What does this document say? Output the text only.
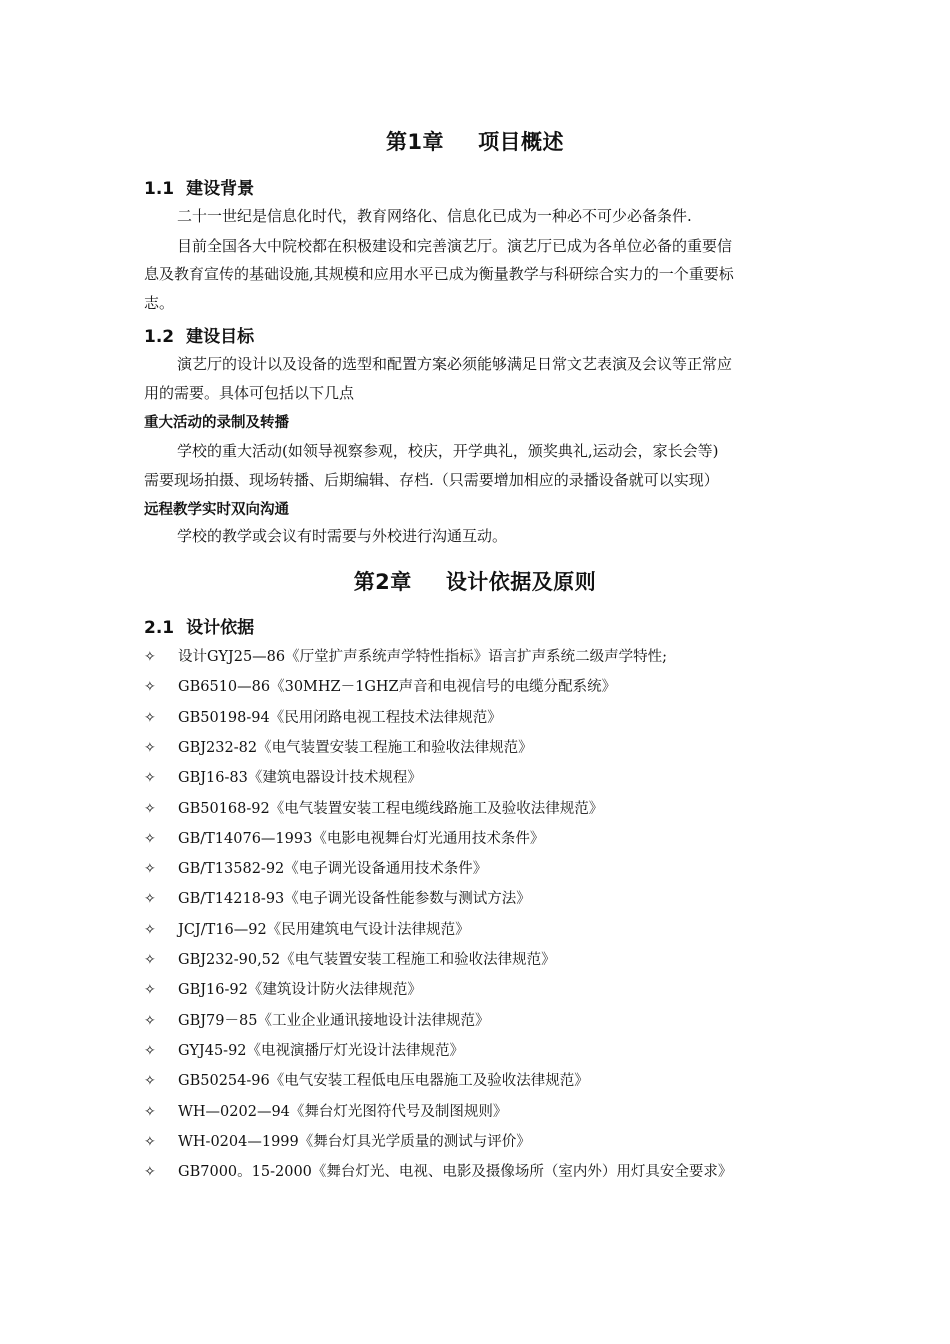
第1章 项目概述
1.1 建设背景
二十一世纪是信息化时代，教育网络化、信息化已成为一种必不可少必备条件.
目前全国各大中院校都在积极建设和完善演艺厅。演艺厅已成为各单位必备的重要信
息及教育宣传的基础设施,其规模和应用水平已成为衡量教学与科研综合实力的一个重要标
志。
1.2 建设目标
演艺厅的设计以及设备的选型和配置方案必须能够满足日常文艺表演及会议等正常应
用的需要。具体可包括以下几点
重大活动的录制及转播
学校的重大活动(如领导视察参观，校庆，开学典礼，颁奖典礼,运动会，家长会等)
需要现场拍摄、现场转播、后期编辑、存档.（只需要增加相应的录播设备就可以实现）
远程教学实时双向沟通
学校的教学或会议有时需要与外校进行沟通互动。
第2章 设计依据及原则
2.1 设计依据
✧ 设计GYJ25—86《厅堂扩声系统声学特性指标》语言扩声系统二级声学特性;
✧ GB6510—86《30MHZ－1GHZ声音和电视信号的电缆分配系统》
✧ GB50198-94《民用闭路电视工程技术法律规范》
✧ GBJ232-82《电气装置安装工程施工和验收法律规范》
✧ GBJ16-83《建筑电器设计技术规程》
✧ GB50168-92《电气装置安装工程电缆线路施工及验收法律规范》
✧ GB/T14076—1993《电影电视舞台灯光通用技术条件》
✧ GB/T13582-92《电子调光设备通用技术条件》
✧ GB/T14218-93《电子调光设备性能参数与测试方法》
✧ JCJ/T16—92《民用建筑电气设计法律规范》
✧ GBJ232-90,52《电气装置安装工程施工和验收法律规范》
✧ GBJ16-92《建筑设计防火法律规范》
✧ GBJ79－85《工业企业通讯接地设计法律规范》
✧ GYJ45-92《电视演播厅灯光设计法律规范》
✧ GB50254-96《电气安装工程低电压电器施工及验收法律规范》
✧ WH—0202—94《舞台灯光图符代号及制图规则》
✧ WH-0204—1999《舞台灯具光学质量的测试与评价》
✧ GB7000。15-2000《舞台灯光、电视、电影及摄像场所（室内外）用灯具安全要求》
